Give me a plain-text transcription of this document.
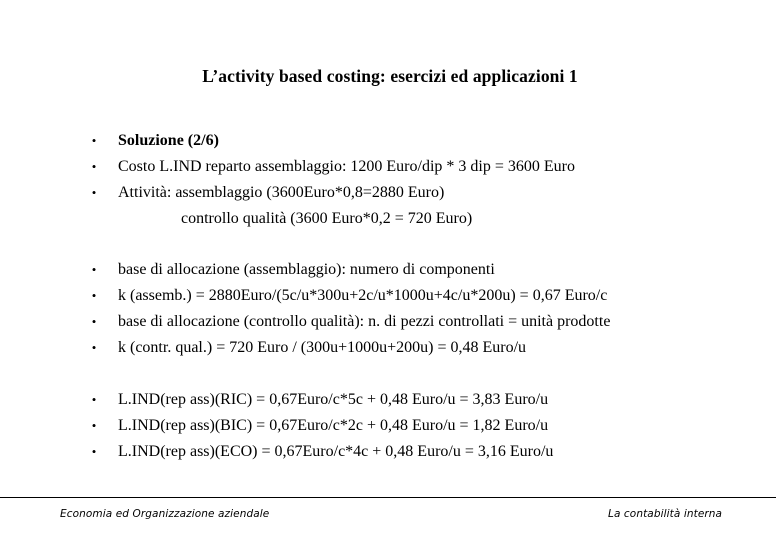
L’activity based costing: esercizi ed applicazioni 1
• Soluzione (2/6)
• Costo L.IND reparto assemblaggio: 1200 Euro/dip * 3 dip = 3600 Euro
• Attività: assemblaggio (3600Euro*0,8=2880 Euro)
controllo qualità (3600 Euro*0,2 = 720 Euro)
• base di allocazione (assemblaggio): numero di componenti
• k (assemb.) = 2880Euro/(5c/u*300u+2c/u*1000u+4c/u*200u) = 0,67 Euro/c
• base di allocazione (controllo qualità): n. di pezzi controllati = unità prodotte
• k (contr. qual.) = 720 Euro / (300u+1000u+200u) = 0,48 Euro/u
• L.IND(rep ass)(RIC) = 0,67Euro/c*5c + 0,48 Euro/u = 3,83 Euro/u
• L.IND(rep ass)(BIC) = 0,67Euro/c*2c + 0,48 Euro/u = 1,82 Euro/u
• L.IND(rep ass)(ECO) = 0,67Euro/c*4c + 0,48 Euro/u = 3,16 Euro/u
Economia ed Organizzazione aziendale	La contabilità interna
